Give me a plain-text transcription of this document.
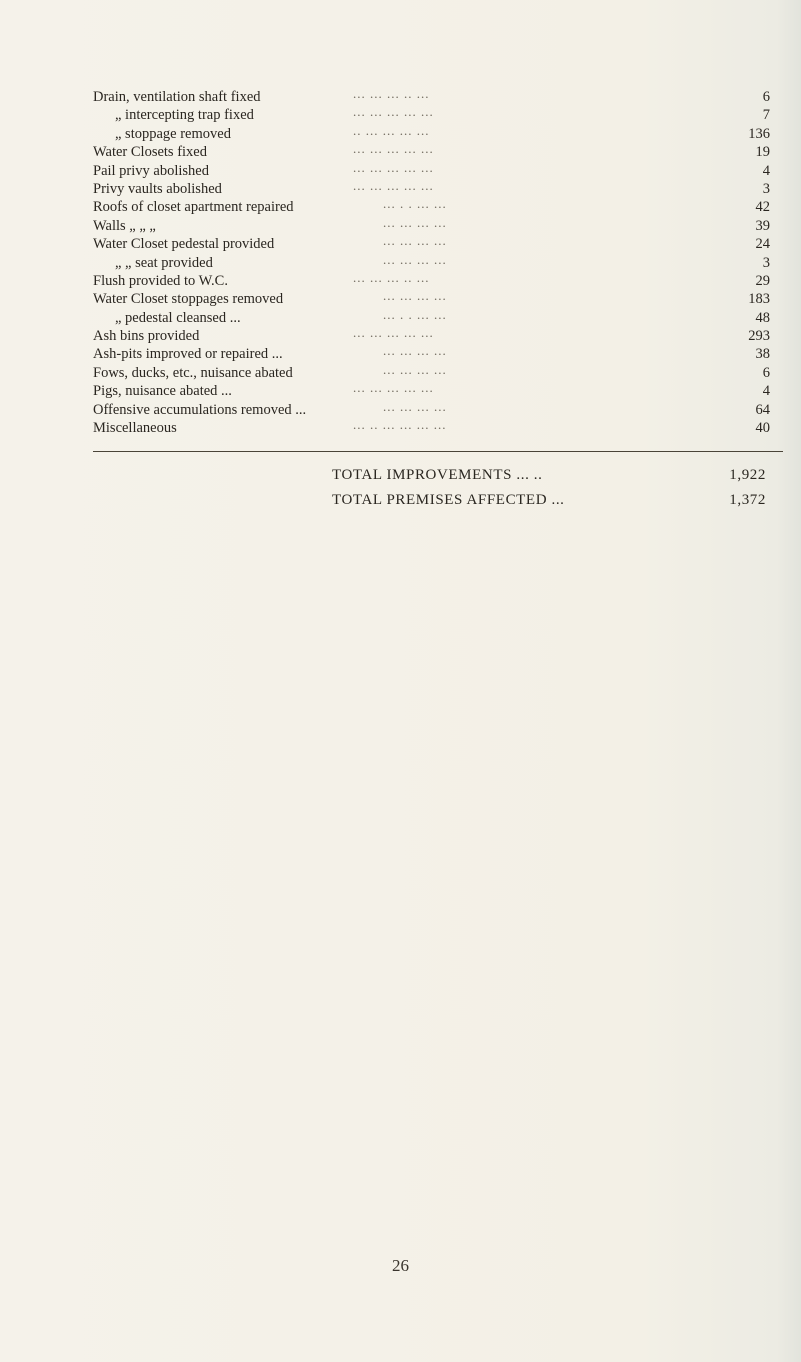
Drain, ventilation shaft fixed	... ... ... .. ...	6
„ intercepting trap fixed	... ... ... ... ...	7
„ stoppage removed	.. ... ... ... ...	136
Water Closets fixed	... ... ... ... ...	19
Pail privy abolished	... ... ... ... ...	4
Privy vaults abolished	... ... ... ... ...	3
Roofs of closet apartment repaired	... . . ... ...	42
Walls „ „ „	... ... ... ...	39
Water Closet pedestal provided	... ... ... ...	24
„ „ seat provided	... ... ... ...	3
Flush provided to W.C.	... ... ... .. ...	29
Water Closet stoppages removed	... ... ... ...	183
„ pedestal cleansed ...	... . . ... ...	48
Ash bins provided	... ... ... ... ...	293
Ash-pits improved or repaired ...	... ... ... ...	38
Fows, ducks, etc., nuisance abated	... ... ... ...	6
Pigs, nuisance abated ...	... ... ... ... ...	4
Offensive accumulations removed ...	... ... ... ...	64
Miscellaneous	... .. ... ... ... ...	40
TOTAL IMPROVEMENTS ... ..	1,922
TOTAL PREMISES AFFECTED ...	1,372
26
